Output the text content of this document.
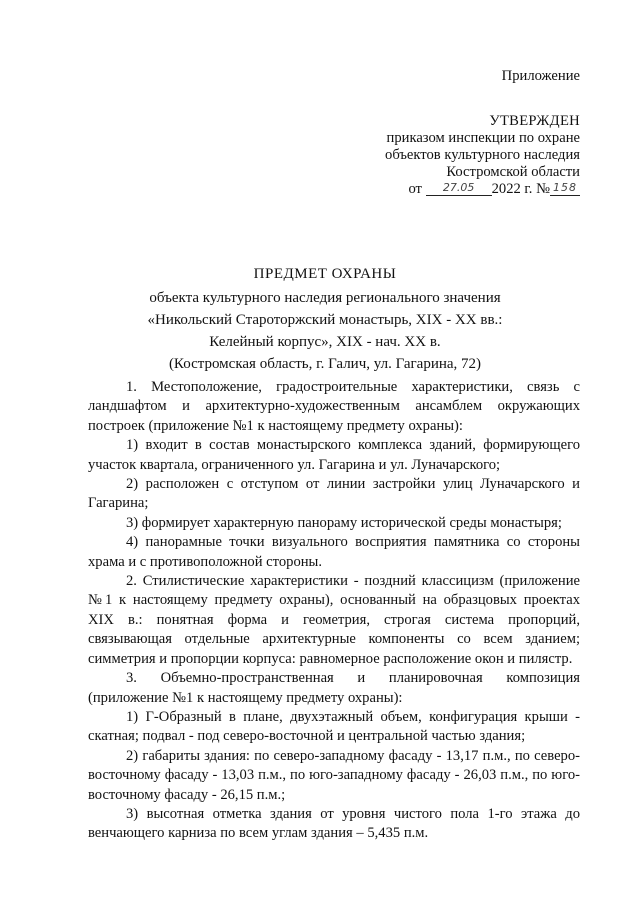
Приложение
УТВЕРЖДЕН
приказом инспекции по охране
объектов культурного наследия
Костромской области
от 27.05 2022 г. № 158
ПРЕДМЕТ ОХРАНЫ
объекта культурного наследия регионального значения
«Никольский Староторжский монастырь, XIX - XX вв.:
Келейный корпус», XIX - нач. XX в.
(Костромская область, г. Галич, ул. Гагарина, 72)

1. Местоположение, градостроительные характеристики, связь с ландшафтом и архитектурно-художественным ансамблем окружающих построек (приложение №1 к настоящему предмету охраны):

1) входит в состав монастырского комплекса зданий, формирующего участок квартала, ограниченного ул. Гагарина и ул. Луначарского;

2) расположен с отступом от линии застройки улиц Луначарского и Гагарина;

3) формирует характерную панораму исторической среды монастыря;

4) панорамные точки визуального восприятия памятника со стороны храма и с противоположной стороны.

2. Стилистические характеристики - поздний классицизм (приложение №1 к настоящему предмету охраны), основанный на образцовых проектах XIX в.: понятная форма и геометрия, строгая система пропорций, связывающая отдельные архитектурные компоненты со всем зданием; симметрия и пропорции корпуса: равномерное расположение окон и пилястр.

3. Объемно-пространственная и планировочная композиция (приложение №1 к настоящему предмету охраны):

1) Г-Образный в плане, двухэтажный объем, конфигурация крыши - скатная; подвал - под северо-восточной и центральной частью здания;

2) габариты здания: по северо-западному фасаду - 13,17 п.м., по северо-восточному фасаду - 13,03 п.м., по юго-западному фасаду - 26,03 п.м., по юго-восточному фасаду - 26,15 п.м.;

3) высотная отметка здания от уровня чистого пола 1-го этажа до венчающего карниза по всем углам здания – 5,435 п.м.
